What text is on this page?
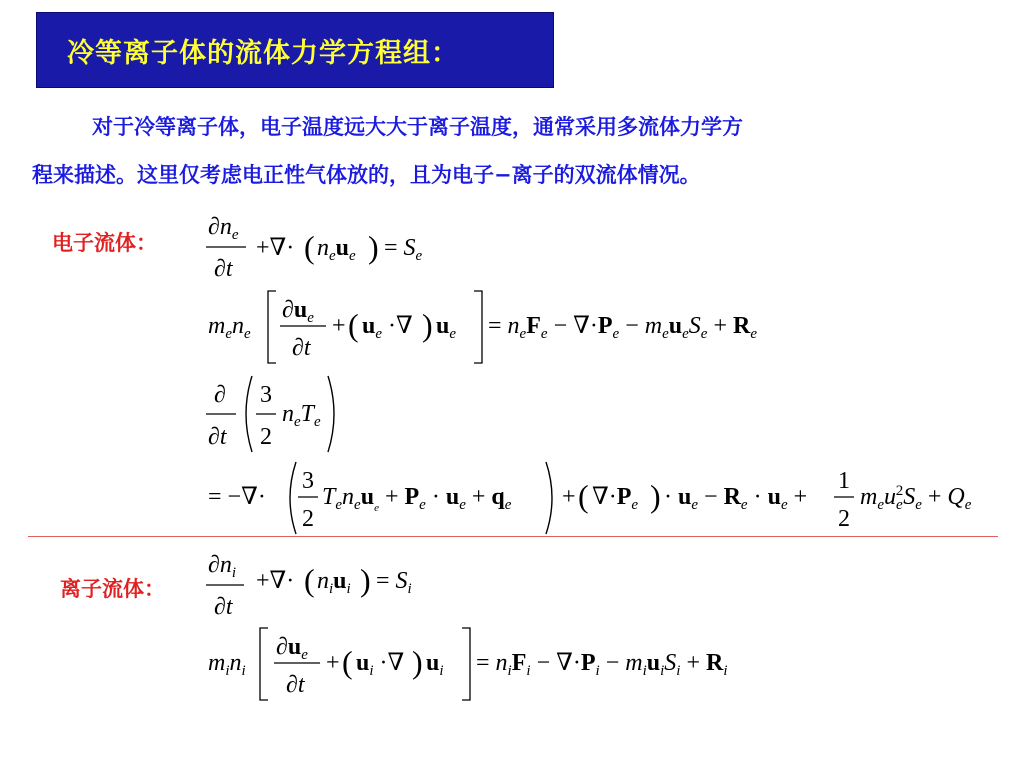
冷等离子体的流体力学方程组：
对于冷等离子体，电子温度远大大于离子温度，通常采用多流体力学方
程来描述。这里仅考虑电正性气体放的，且为电子−离子的双流体情况。
电子流体：
$\partial n_e$
∂t
+∇· ( $n_eu_e$ ) = $S_e$
$m_en_e$
$\partial u_e$
∂t
+ ( $u_e$ ·∇ ) $u_e = n_eF_e - \nabla\cdot P_e - m_eu_eS_e + R_e$
∂
∂t
3
2
$n_eT_e$
= −∇·
3
2
$T_en_eu_e + P_e \cdot u_e + q_e$ + ( $\nabla\cdot P_e$ ) · $u_e - R_e \cdot u_e$ +
1
2
$m_eu_e2S_e + Q_e$
离子流体：
$\partial n_i$
∂t
+∇· ( $n_iu_i$ ) = $S_i$
$m_in_i$
$\partial u_e$
∂t
+ ( $u_i$ ·∇ ) $u_i = n_iF_i - \nabla\cdot P_i - m_iu_iS_i + R_i$
